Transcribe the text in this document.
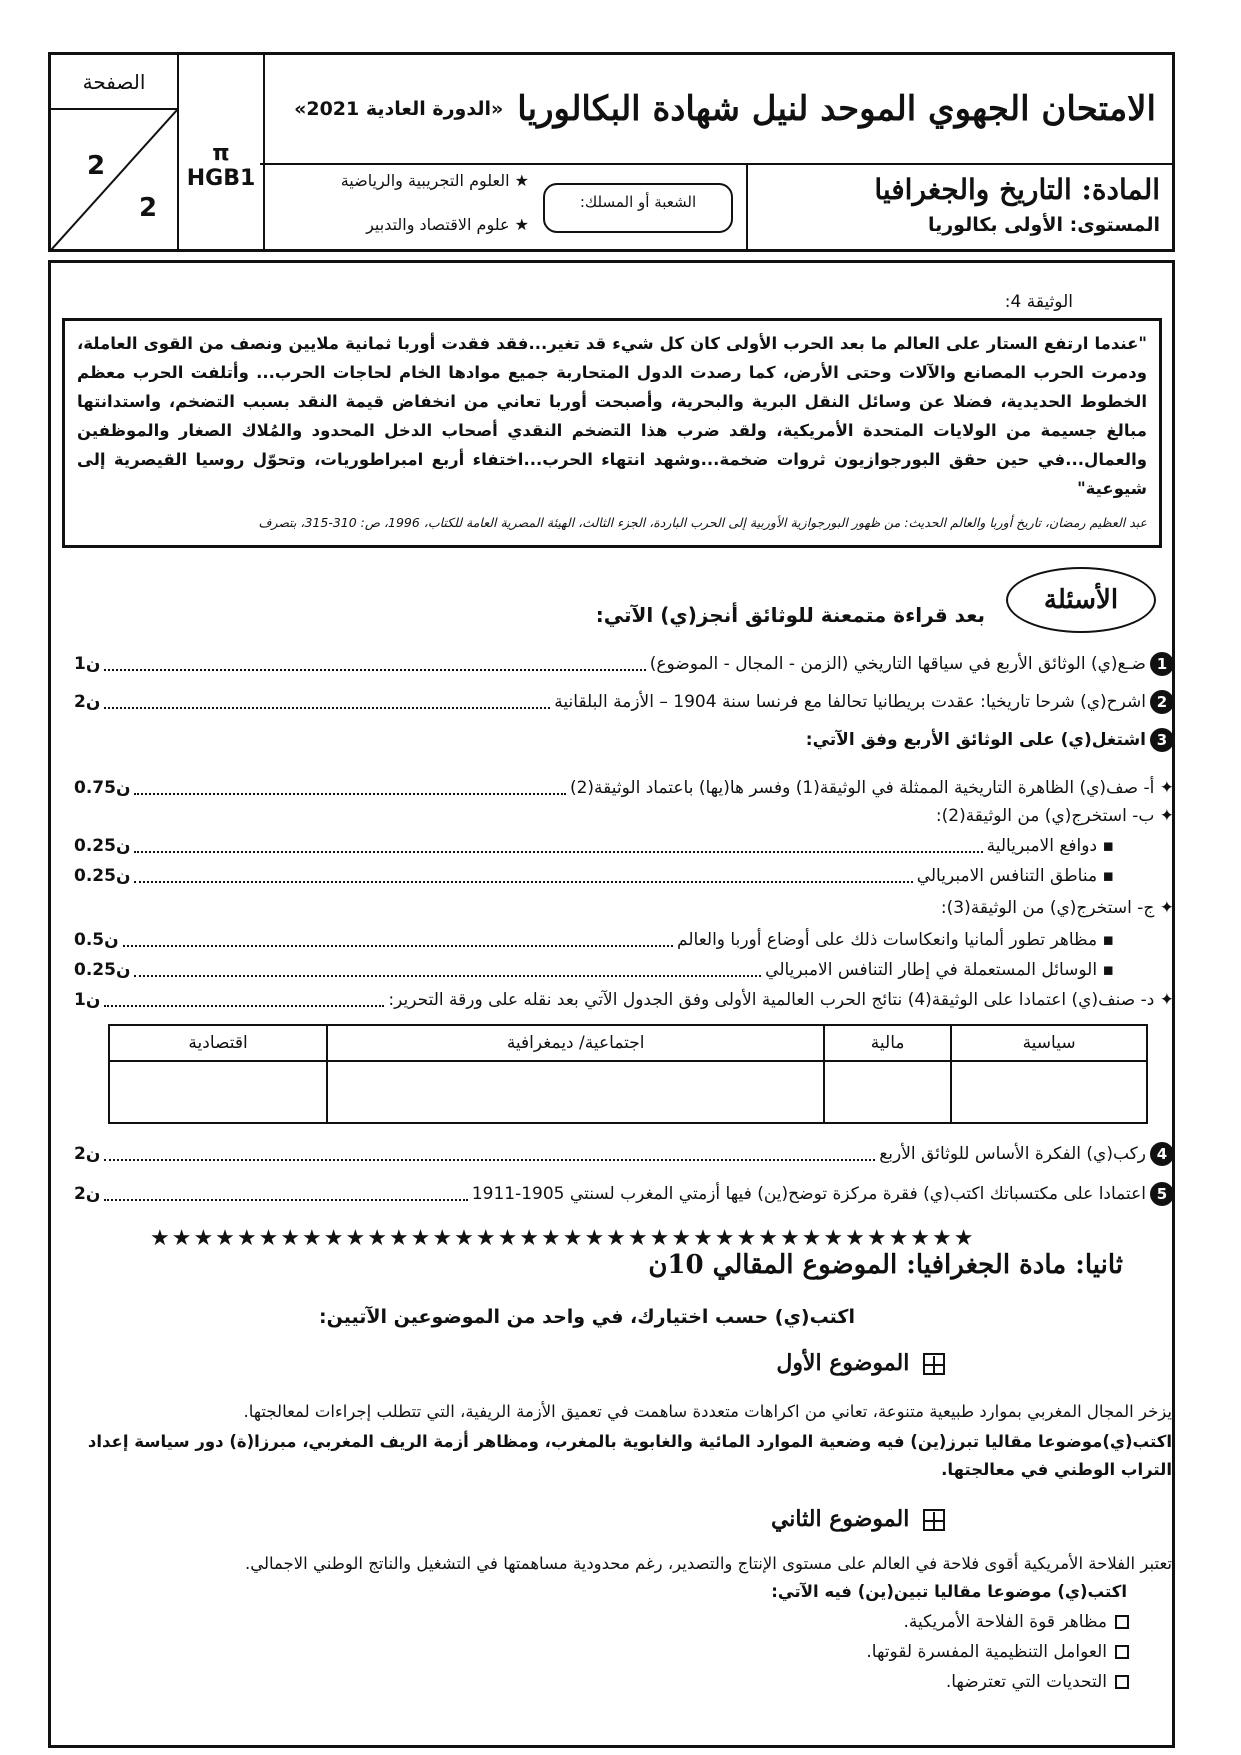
الامتحان الجهوي الموحد لنيل شهادة البكالوريا
«الدورة العادية 2021»
π HGB1
الصفحة
2
2
المادة: التاريخ والجغرافيا
المستوى: الأولى بكالوريا
الشعبة أو المسلك:
★ العلوم التجريبية والرياضية
★ علوم الاقتصاد والتدبير
الوثيقة 4:
"عندما ارتفع الستار على العالم ما بعد الحرب الأولى كان كل شيء قد تغير...فقد فقدت أوربا ثمانية ملايين ونصف من القوى العاملة، ودمرت الحرب المصانع والآلات وحتى الأرض، كما رصدت الدول المتحاربة جميع موادها الخام لحاجات الحرب... وأتلفت الحرب معظم الخطوط الحديدية، فضلا عن وسائل النقل البرية والبحرية، وأصبحت أوربا تعاني من انخفاض قيمة النقد بسبب التضخم، واستدانتها مبالغ جسيمة من الولايات المتحدة الأمريكية، ولقد ضرب هذا التضخم النقدي أصحاب الدخل المحدود والمُلاك الصغار والموظفين والعمال...في حين حقق البورجوازيون ثروات ضخمة...وشهد انتهاء الحرب...اختفاء أربع امبراطوريات، وتحوّل روسيا القيصرية إلى شيوعية"
عبد العظيم رمضان، تاريخ أوربا والعالم الحديث: من ظهور البورجوازية الأوربية إلى الحرب الباردة، الجزء الثالث، الهيئة المصرية العامة للكتاب، 1996، ص: 310-315، بتصرف
الأسئلة
بعد قراءة متمعنة للوثائق أنجز(ي) الآتي:
1
ضـع(ي) الوثائق الأربع في سياقها التاريخي (الزمن - المجال - الموضوع)
1ن
2
اشرح(ي) شرحا تاريخيا: عقدت بريطانيا تحالفا مع فرنسا سنة 1904 – الأزمة البلقانية
2ن
3
اشتغل(ي) على الوثائق الأربع وفق الآتي:
✦ أ- صف(ي) الظاهرة التاريخية الممثلة في الوثيقة(1) وفسر ها(يها) باعتماد الوثيقة(2)
0.75ن
✦ ب- استخرج(ي) من الوثيقة(2):
▪ دوافع الامبريالية
0.25ن
▪ مناطق التنافس الامبريالي
0.25ن
✦ ج- استخرج(ي) من الوثيقة(3):
▪ مظاهر تطور ألمانيا وانعكاسات ذلك على أوضاع أوربا والعالم
0.5ن
▪ الوسائل المستعملة في إطار التنافس الامبريالي
0.25ن
✦ د- صنف(ي) اعتمادا على الوثيقة(4) نتائج الحرب العالمية الأولى وفق الجدول الآتي بعد نقله على ورقة التحرير:
1ن
سياسية	مالية	اجتماعية/ ديمغرافية	اقتصادية

4
ركب(ي) الفكرة الأساس للوثائق الأربع
2ن
5
اعتمادا على مكتسباتك اكتب(ي) فقرة مركزة توضح(ين) فيها أزمتي المغرب لسنتي 1905-1911
2ن
★★★★★★★★★★★★★★★★★★★★★★★★★★★★★★★★★★★★★★
ثانيا: مادة الجغرافيا: الموضوع المقالي 10ن
اكتب(ي) حسب اختيارك، في واحد من الموضوعين الآتيين:
الموضوع الأول
يزخر المجال المغربي بموارد طبيعية متنوعة، تعاني من اكراهات متعددة ساهمت في تعميق الأزمة الريفية، التي تتطلب إجراءات لمعالجتها.
اكتب(ي)موضوعا مقاليا تبرز(ين) فيه وضعية الموارد المائية والغابوية بالمغرب، ومظاهر أزمة الريف المغربي، مبرزا(ة) دور سياسة إعداد التراب الوطني في معالجتها.
الموضوع الثاني
تعتبر الفلاحة الأمريكية أقوى فلاحة في العالم على مستوى الإنتاج والتصدير، رغم محدودية مساهمتها في التشغيل والناتج الوطني الاجمالي.
اكتب(ي) موضوعا مقاليا تبين(ين) فيه الآتي:
مظاهر قوة الفلاحة الأمريكية.
العوامل التنظيمية المفسرة لقوتها.
التحديات التي تعترضها.
